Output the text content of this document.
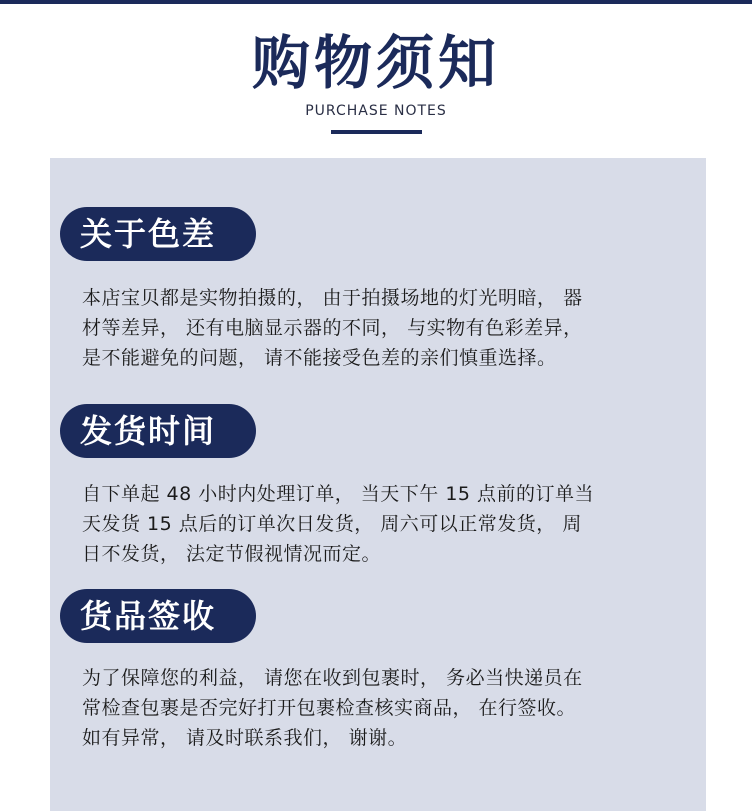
购物须知
PURCHASE NOTES
关于色差
本店宝贝都是实物拍摄的， 由于拍摄场地的灯光明暗， 器
材等差异， 还有电脑显示器的不同， 与实物有色彩差异，
是不能避免的问题， 请不能接受色差的亲们慎重选择。
发货时间
自下单起 48 小时内处理订单， 当天下午 15 点前的订单当
天发货 15 点后的订单次日发货， 周六可以正常发货， 周
日不发货， 法定节假视情况而定。
货品签收
为了保障您的利益， 请您在收到包裹时， 务必当快递员在
常检查包裹是否完好打开包裹检查核实商品， 在行签收。
如有异常， 请及时联系我们， 谢谢。
